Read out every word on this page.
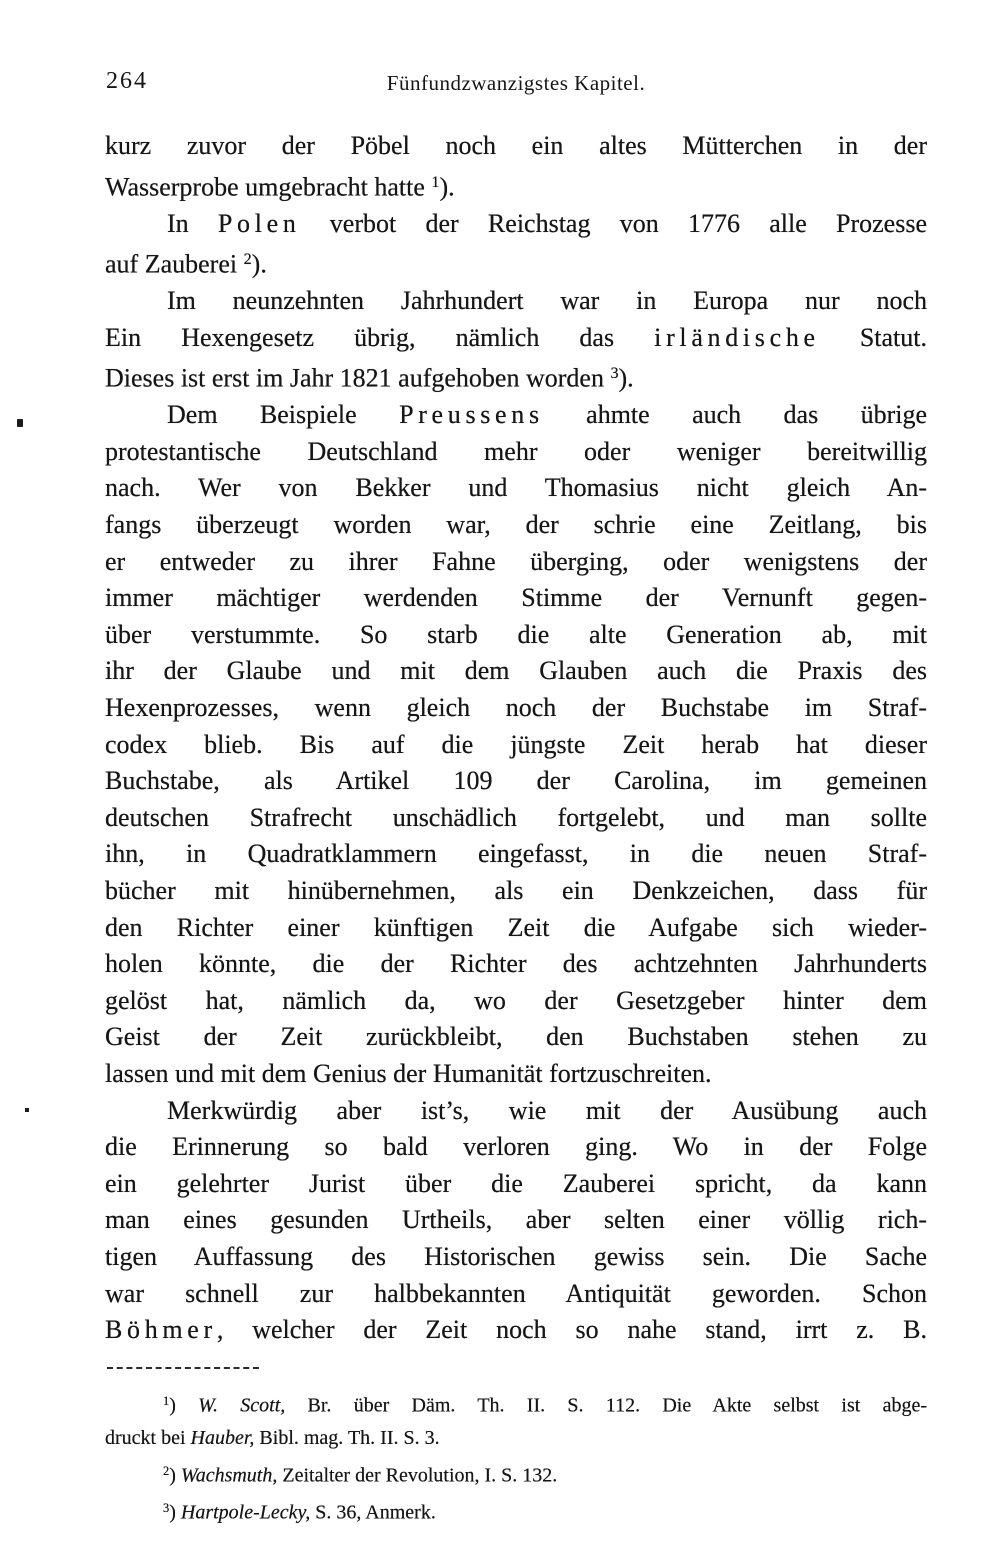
264	Fünfundzwanzigstes Kapitel.
kurz zuvor der Pöbel noch ein altes Mütterchen in der
Wasserprobe umgebracht hatte $^1$).
In Polen verbot der Reichstag von 1776 alle Prozesse
auf Zauberei $^2$).
Im neunzehnten Jahrhundert war in Europa nur noch
Ein Hexengesetz übrig, nämlich das irländische Statut.
Dieses ist erst im Jahr 1821 aufgehoben worden $^3$).
Dem Beispiele Preussens ahmte auch das übrige
protestantische Deutschland mehr oder weniger bereitwillig
nach. Wer von Bekker und Thomasius nicht gleich An-
fangs überzeugt worden war, der schrie eine Zeitlang, bis
er entweder zu ihrer Fahne überging, oder wenigstens der
immer mächtiger werdenden Stimme der Vernunft gegen-
über verstummte. So starb die alte Generation ab, mit
ihr der Glaube und mit dem Glauben auch die Praxis des
Hexenprozesses, wenn gleich noch der Buchstabe im Straf-
codex blieb. Bis auf die jüngste Zeit herab hat dieser
Buchstabe, als Artikel 109 der Carolina, im gemeinen
deutschen Strafrecht unschädlich fortgelebt, und man sollte
ihn, in Quadratklammern eingefasst, in die neuen Straf-
bücher mit hinübernehmen, als ein Denkzeichen, dass für
den Richter einer künftigen Zeit die Aufgabe sich wieder-
holen könnte, die der Richter des achtzehnten Jahrhunderts
gelöst hat, nämlich da, wo der Gesetzgeber hinter dem
Geist der Zeit zurückbleibt, den Buchstaben stehen zu
lassen und mit dem Genius der Humanität fortzuschreiten.
Merkwürdig aber ist’s, wie mit der Ausübung auch
die Erinnerung so bald verloren ging. Wo in der Folge
ein gelehrter Jurist über die Zauberei spricht, da kann
man eines gesunden Urtheils, aber selten einer völlig rich-
tigen Auffassung des Historischen gewiss sein. Die Sache
war schnell zur halbbekannten Antiquität geworden. Schon
Böhmer, welcher der Zeit noch so nahe stand, irrt z. B.
$^1$) W. Scott, Br. über Däm. Th. II. S. 112. Die Akte selbst ist abge-
druckt bei Hauber, Bibl. mag. Th. II. S. 3.
$^2$) Wachsmuth, Zeitalter der Revolution, I. S. 132.
$^3$) Hartpole-Lecky, S. 36, Anmerk.
